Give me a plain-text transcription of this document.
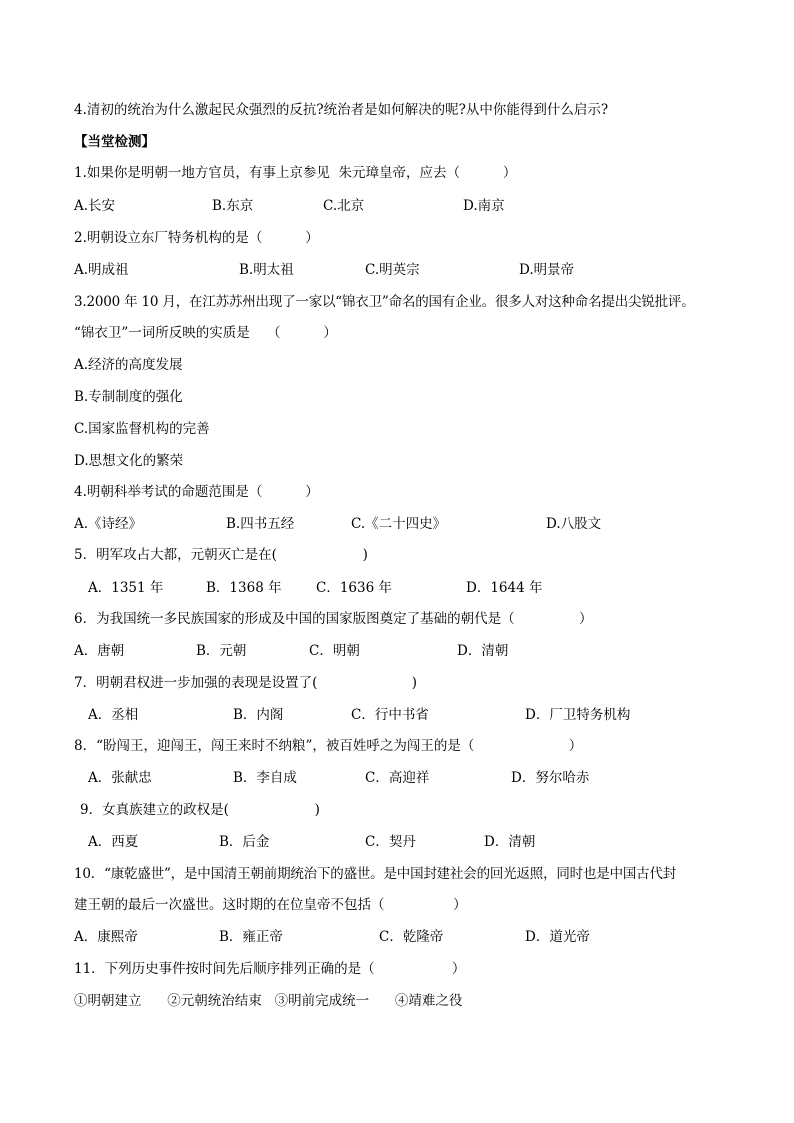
4.清初的统治为什么激起民众强烈的反抗?统治者是如何解决的呢?从中你能得到什么启示?
【当堂检测】
1.如果你是明朝一地方官员，有事上京参见  朱元璋皇帝，应去（          ）
A.长安	B.东京	C.北京	D.南京
2.明朝设立东厂特务机构的是（          ）
A.明成祖	B.明太祖	C.明英宗	D.明景帝
3.2000 年 10 月，在江苏苏州出现了一家以“锦衣卫”命名的国有企业。很多人对这种命名提出尖锐批评。
“锦衣卫”一词所反映的实质是    （          ）
A.经济的高度发展
B.专制制度的强化
C.国家监督机构的完善
D.思想文化的繁荣
4.明朝科举考试的命题范围是（          ）
A.《诗经》	B.四书五经	C.《二十四史》	D.八股文
5．明军攻占大都，元朝灭亡是在(                    )
A．1351 年	B．1368 年	C．1636 年	D．1644 年
6．为我国统一多民族国家的形成及中国的国家版图奠定了基础的朝代是（               ）
A．唐朝	B．元朝	C．明朝	D．清朝
7．明朝君权进一步加强的表现是设置了(                      )
A．丞相	B．内阁	C．行中书省	D．厂卫特务机构
8．“盼闯王，迎闯王，闯王来时不纳粮”，被百姓呼之为闯王的是（                      ）
A．张献忠	B．李自成	C．高迎祥	D．努尔哈赤
9．女真族建立的政权是(                    )
A．西夏	B．后金	C．契丹	D．清朝
10．“康乾盛世”，是中国清王朝前期统治下的盛世。是中国封建社会的回光返照，同时也是中国古代封
建王朝的最后一次盛世。这时期的在位皇帝不包括（                ）
A．康熙帝	B．雍正帝	C．乾隆帝	D．道光帝
11．下列历史事件按时间先后顺序排列正确的是（                  ）
①明朝建立      ②元朝统治结束   ③明前完成统一      ④靖难之役
